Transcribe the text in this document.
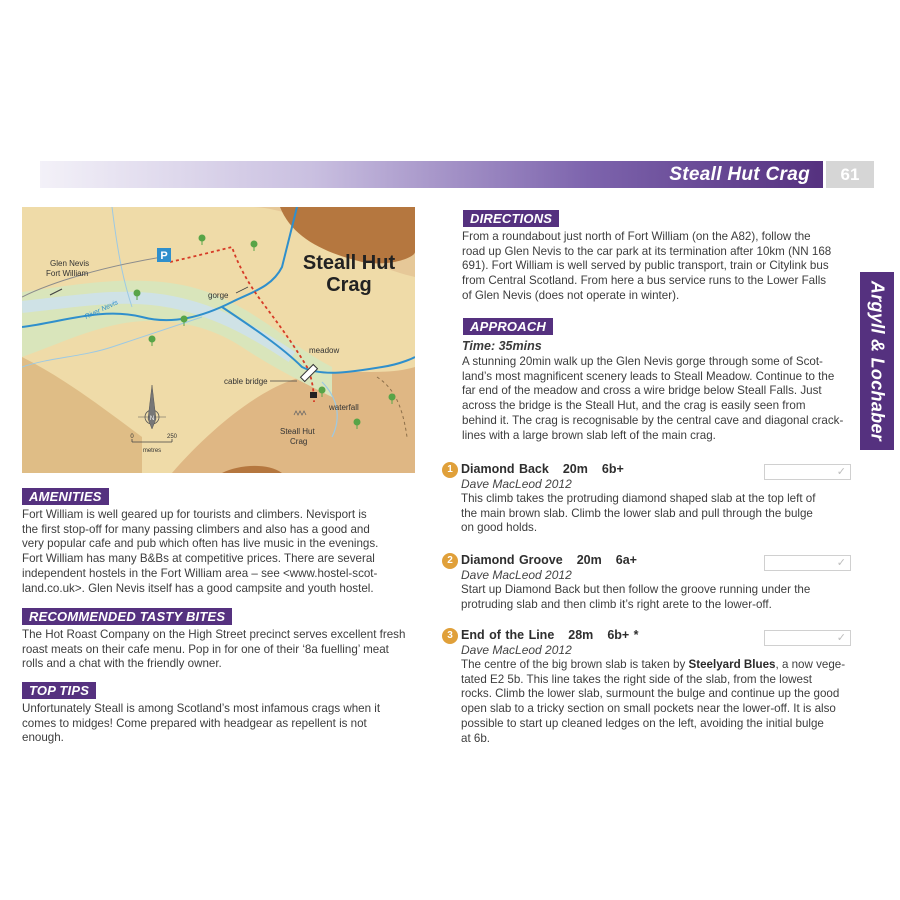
Steall Hut Crag	61
Argyll & Lochaber
P
Glen Nevis
Fort William
River Nevis
gorge
meadow
cable bridge
waterfall
Steall Hut
Crag
Steall Hut
Crag
N
0	250
metres
AMENITIES
Fort William is well geared up for tourists and climbers. Nevisport is
the first stop-off for many passing climbers and also has a good and
very popular cafe and pub which often has live music in the evenings.
Fort William has many B&Bs at competitive prices. There are several
independent hostels in the Fort William area – see <www.hostel-scot-
land.co.uk>. Glen Nevis itself has a good campsite and youth hostel.
RECOMMENDED TASTY BITES
The Hot Roast Company on the High Street precinct serves excellent fresh
roast meats on their cafe menu. Pop in for one of their ‘8a fuelling’ meat
rolls and a chat with the friendly owner.
TOP TIPS
Unfortunately Steall is among Scotland’s most infamous crags when it
comes to midges! Come prepared with headgear as repellent is not
enough.
DIRECTIONS
From a roundabout just north of Fort William (on the A82), follow the
road up Glen Nevis to the car park at its termination after 10km (NN 168
691). Fort William is well served by public transport, train or Citylink bus
from Central Scotland. From here a bus service runs to the Lower Falls
of Glen Nevis (does not operate in winter).
APPROACH
Time: 35mins
A stunning 20min walk up the Glen Nevis gorge through some of Scot-
land’s most magnificent scenery leads to Steall Meadow. Continue to the
far end of the meadow and cross a wire bridge below Steall Falls. Just
across the bridge is the Steall Hut, and the crag is easily seen from
behind it. The crag is recognisable by the central cave and diagonal crack-
lines with a large brown slab left of the main crag.
1 Diamond Back 20m 6b+	✓
Dave MacLeod 2012
This climb takes the protruding diamond shaped slab at the top left of
the main brown slab. Climb the lower slab and pull through the bulge
on good holds.
2 Diamond Groove 20m 6a+	✓
Dave MacLeod 2012
Start up Diamond Back but then follow the groove running under the
protruding slab and then climb it’s right arete to the lower-off.
3 End of the Line 28m 6b+ *	✓
Dave MacLeod 2012
The centre of the big brown slab is taken by Steelyard Blues, a now vege-
tated E2 5b. This line takes the right side of the slab, from the lowest
rocks. Climb the lower slab, surmount the bulge and continue up the good
open slab to a tricky section on small pockets near the lower-off. It is also
possible to start up cleaned ledges on the left, avoiding the initial bulge
at 6b.
